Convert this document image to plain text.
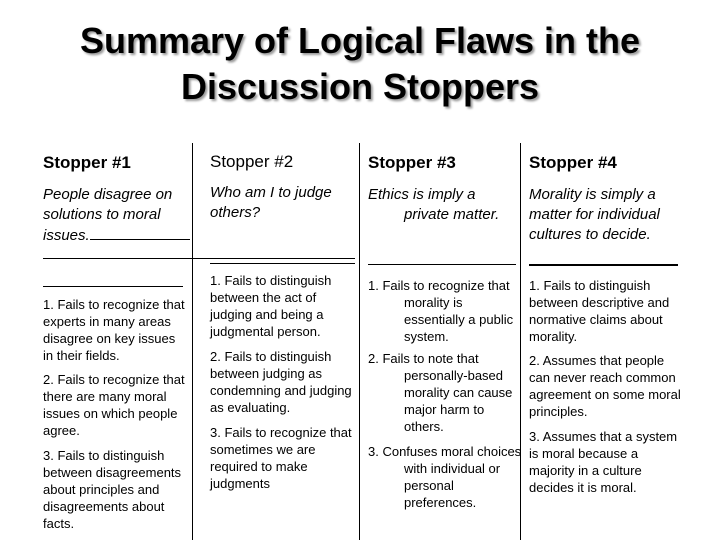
Summary of Logical Flaws in the
Discussion Stoppers
Stopper #1
People disagree on solutions to moral issues.
1. Fails to recognize that experts in many areas disagree on key issues in their fields.
2. Fails to recognize that there are many moral issues on which people agree.
3. Fails to distinguish between disagreements about principles and disagreements about facts.
Stopper #2
Who am I to judge others?
1. Fails to distinguish between the act of judging and being a judgmental person.
2. Fails to distinguish between judging as condemning and judging as evaluating.
3. Fails to recognize that sometimes we are required to make judgments
Stopper #3
Ethics is imply a private matter.
1. Fails to recognize that morality is essentially a public system.
2. Fails to note that personally-based morality can cause major harm to others.
3. Confuses moral choices with individual or personal preferences.
Stopper #4
Morality is simply a matter for individual cultures to decide.
1. Fails to distinguish between descriptive and normative claims about morality.
2. Assumes that people can never reach common agreement on some moral principles.
3. Assumes that a system is moral because a majority in a culture decides it is moral.
